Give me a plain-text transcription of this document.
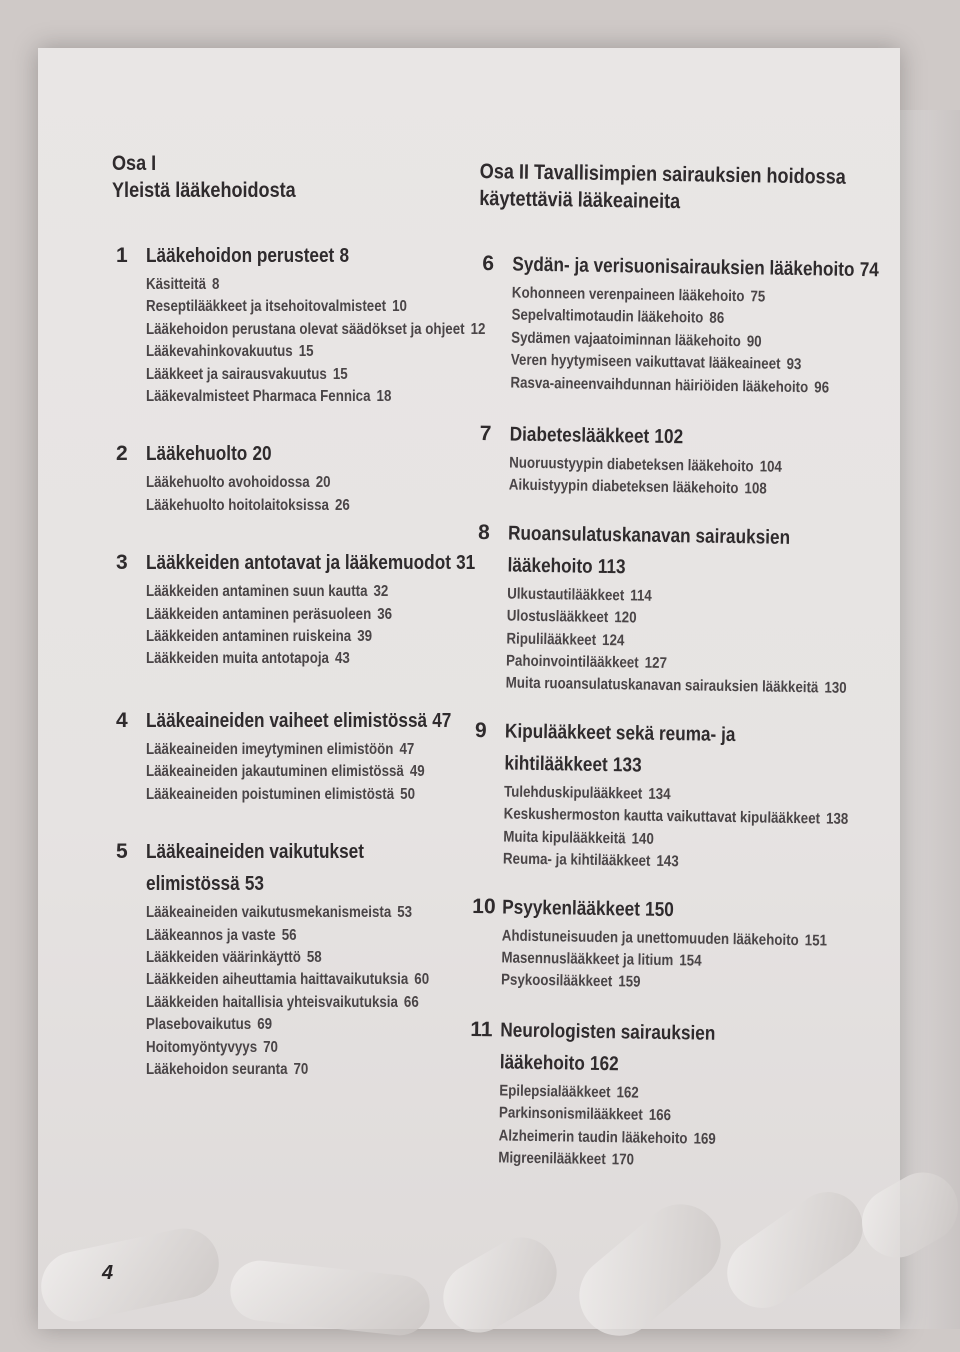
Osa I
Yleistä lääkehoidosta
1 Lääkehoidon perusteet 8
Käsitteitä 8
Reseptilääkkeet ja itsehoitovalmisteet 10
Lääkehoidon perustana olevat säädökset ja ohjeet 12
Lääkevahinkovakuutus 15
Lääkkeet ja sairausvakuutus 15
Lääkevalmisteet Pharmaca Fennica 18
2 Lääkehuolto 20
Lääkehuolto avohoidossa 20
Lääkehuolto hoitolaitoksissa 26
3 Lääkkeiden antotavat ja lääkemuodot 31
Lääkkeiden antaminen suun kautta 32
Lääkkeiden antaminen peräsuoleen 36
Lääkkeiden antaminen ruiskeina 39
Lääkkeiden muita antotapoja 43
4 Lääkeaineiden vaiheet elimistössä 47
Lääkeaineiden imeytyminen elimistöön 47
Lääkeaineiden jakautuminen elimistössä 49
Lääkeaineiden poistuminen elimistöstä 50
5 Lääkeaineiden vaikutukset
elimistössä 53
Lääkeaineiden vaikutusmekanismeista 53
Lääkeannos ja vaste 56
Lääkkeiden väärinkäyttö 58
Lääkkeiden aiheuttamia haittavaikutuksia 60
Lääkkeiden haitallisia yhteisvaikutuksia 66
Plasebovaikutus 69
Hoitomyöntyvyys 70
Lääkehoidon seuranta 70
Osa II Tavallisimpien sairauksien hoidossa
käytettäviä lääkeaineita
6 Sydän- ja verisuonisairauksien lääkehoito 74
Kohonneen verenpaineen lääkehoito 75
Sepelvaltimotaudin lääkehoito 86
Sydämen vajaatoiminnan lääkehoito 90
Veren hyytymiseen vaikuttavat lääkeaineet 93
Rasva-aineenvaihdunnan häiriöiden lääkehoito 96
7 Diabeteslääkkeet 102
Nuoruustyypin diabeteksen lääkehoito 104
Aikuistyypin diabeteksen lääkehoito 108
8 Ruoansulatuskanavan sairauksien
lääkehoito 113
Ulkustautilääkkeet 114
Ulostuslääkkeet 120
Ripulilääkkeet 124
Pahoinvointilääkkeet 127
Muita ruoansulatuskanavan sairauksien lääkkeitä 130
9 Kipulääkkeet sekä reuma- ja
kihtilääkkeet 133
Tulehduskipulääkkeet 134
Keskushermoston kautta vaikuttavat kipulääkkeet 138
Muita kipulääkkeitä 140
Reuma- ja kihtilääkkeet 143
10 Psyykenlääkkeet 150
Ahdistuneisuuden ja unettomuuden lääkehoito 151
Masennuslääkkeet ja litium 154
Psykoosilääkkeet 159
11 Neurologisten sairauksien
lääkehoito 162
Epilepsialääkkeet 162
Parkinsonismilääkkeet 166
Alzheimerin taudin lääkehoito 169
Migreenilääkkeet 170
4
